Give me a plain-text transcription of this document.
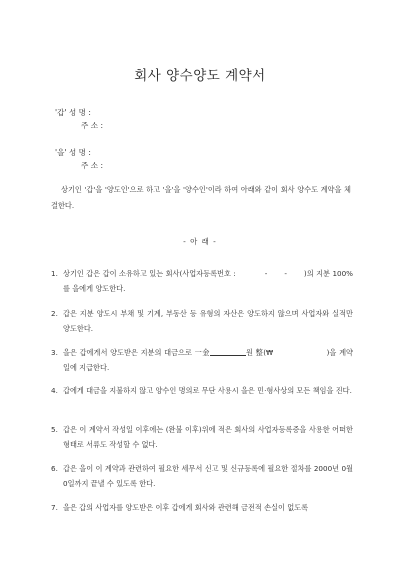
회사 양수양도 계약서
'갑' 성 명 :
주 소 :
'을' 성 명 :
주 소 :
상기인 '갑'을 '양도인'으로 하고 '을'을 '양수인'이라 하여 아래와 같이 회사 양수도 계약을 체결한다.
- 아 래 -
1. 상기인 갑은 갑이 소유하고 있는 회사(사업자등록번호 :	- - )의 지분 100%를 을에게 양도한다.
2. 갑은 지분 양도시 부채 및 기계, 부동산 등 유형의 자산은 양도하지 않으며 사업자와 실적만 양도한다.
3. 을은 갑에게서 양도받은 지분의 대금으로 一金	원 整(₩	)을 계약일에 지급한다.
4. 갑에게 대금을 지불하지 않고 양수인 명의로 무단 사용시 을은 민·형사상의 모든 책임을 진다.
5. 갑은 이 계약서 작성일 이후에는 (완불 이후)위에 적은 회사의 사업자등록증을 사용한 어떠한 형태로 서류도 작성할 수 없다.
6. 갑은 을이 이 계약과 관련하여 필요한 세무서 신고 및 신규등록에 필요한 절차를 2000년 0월 0일까지 끝낼 수 있도록 한다.
7. 을은 갑의 사업자를 양도받은 이후 갑에게 회사와 관련해 금전적 손실이 없도록
